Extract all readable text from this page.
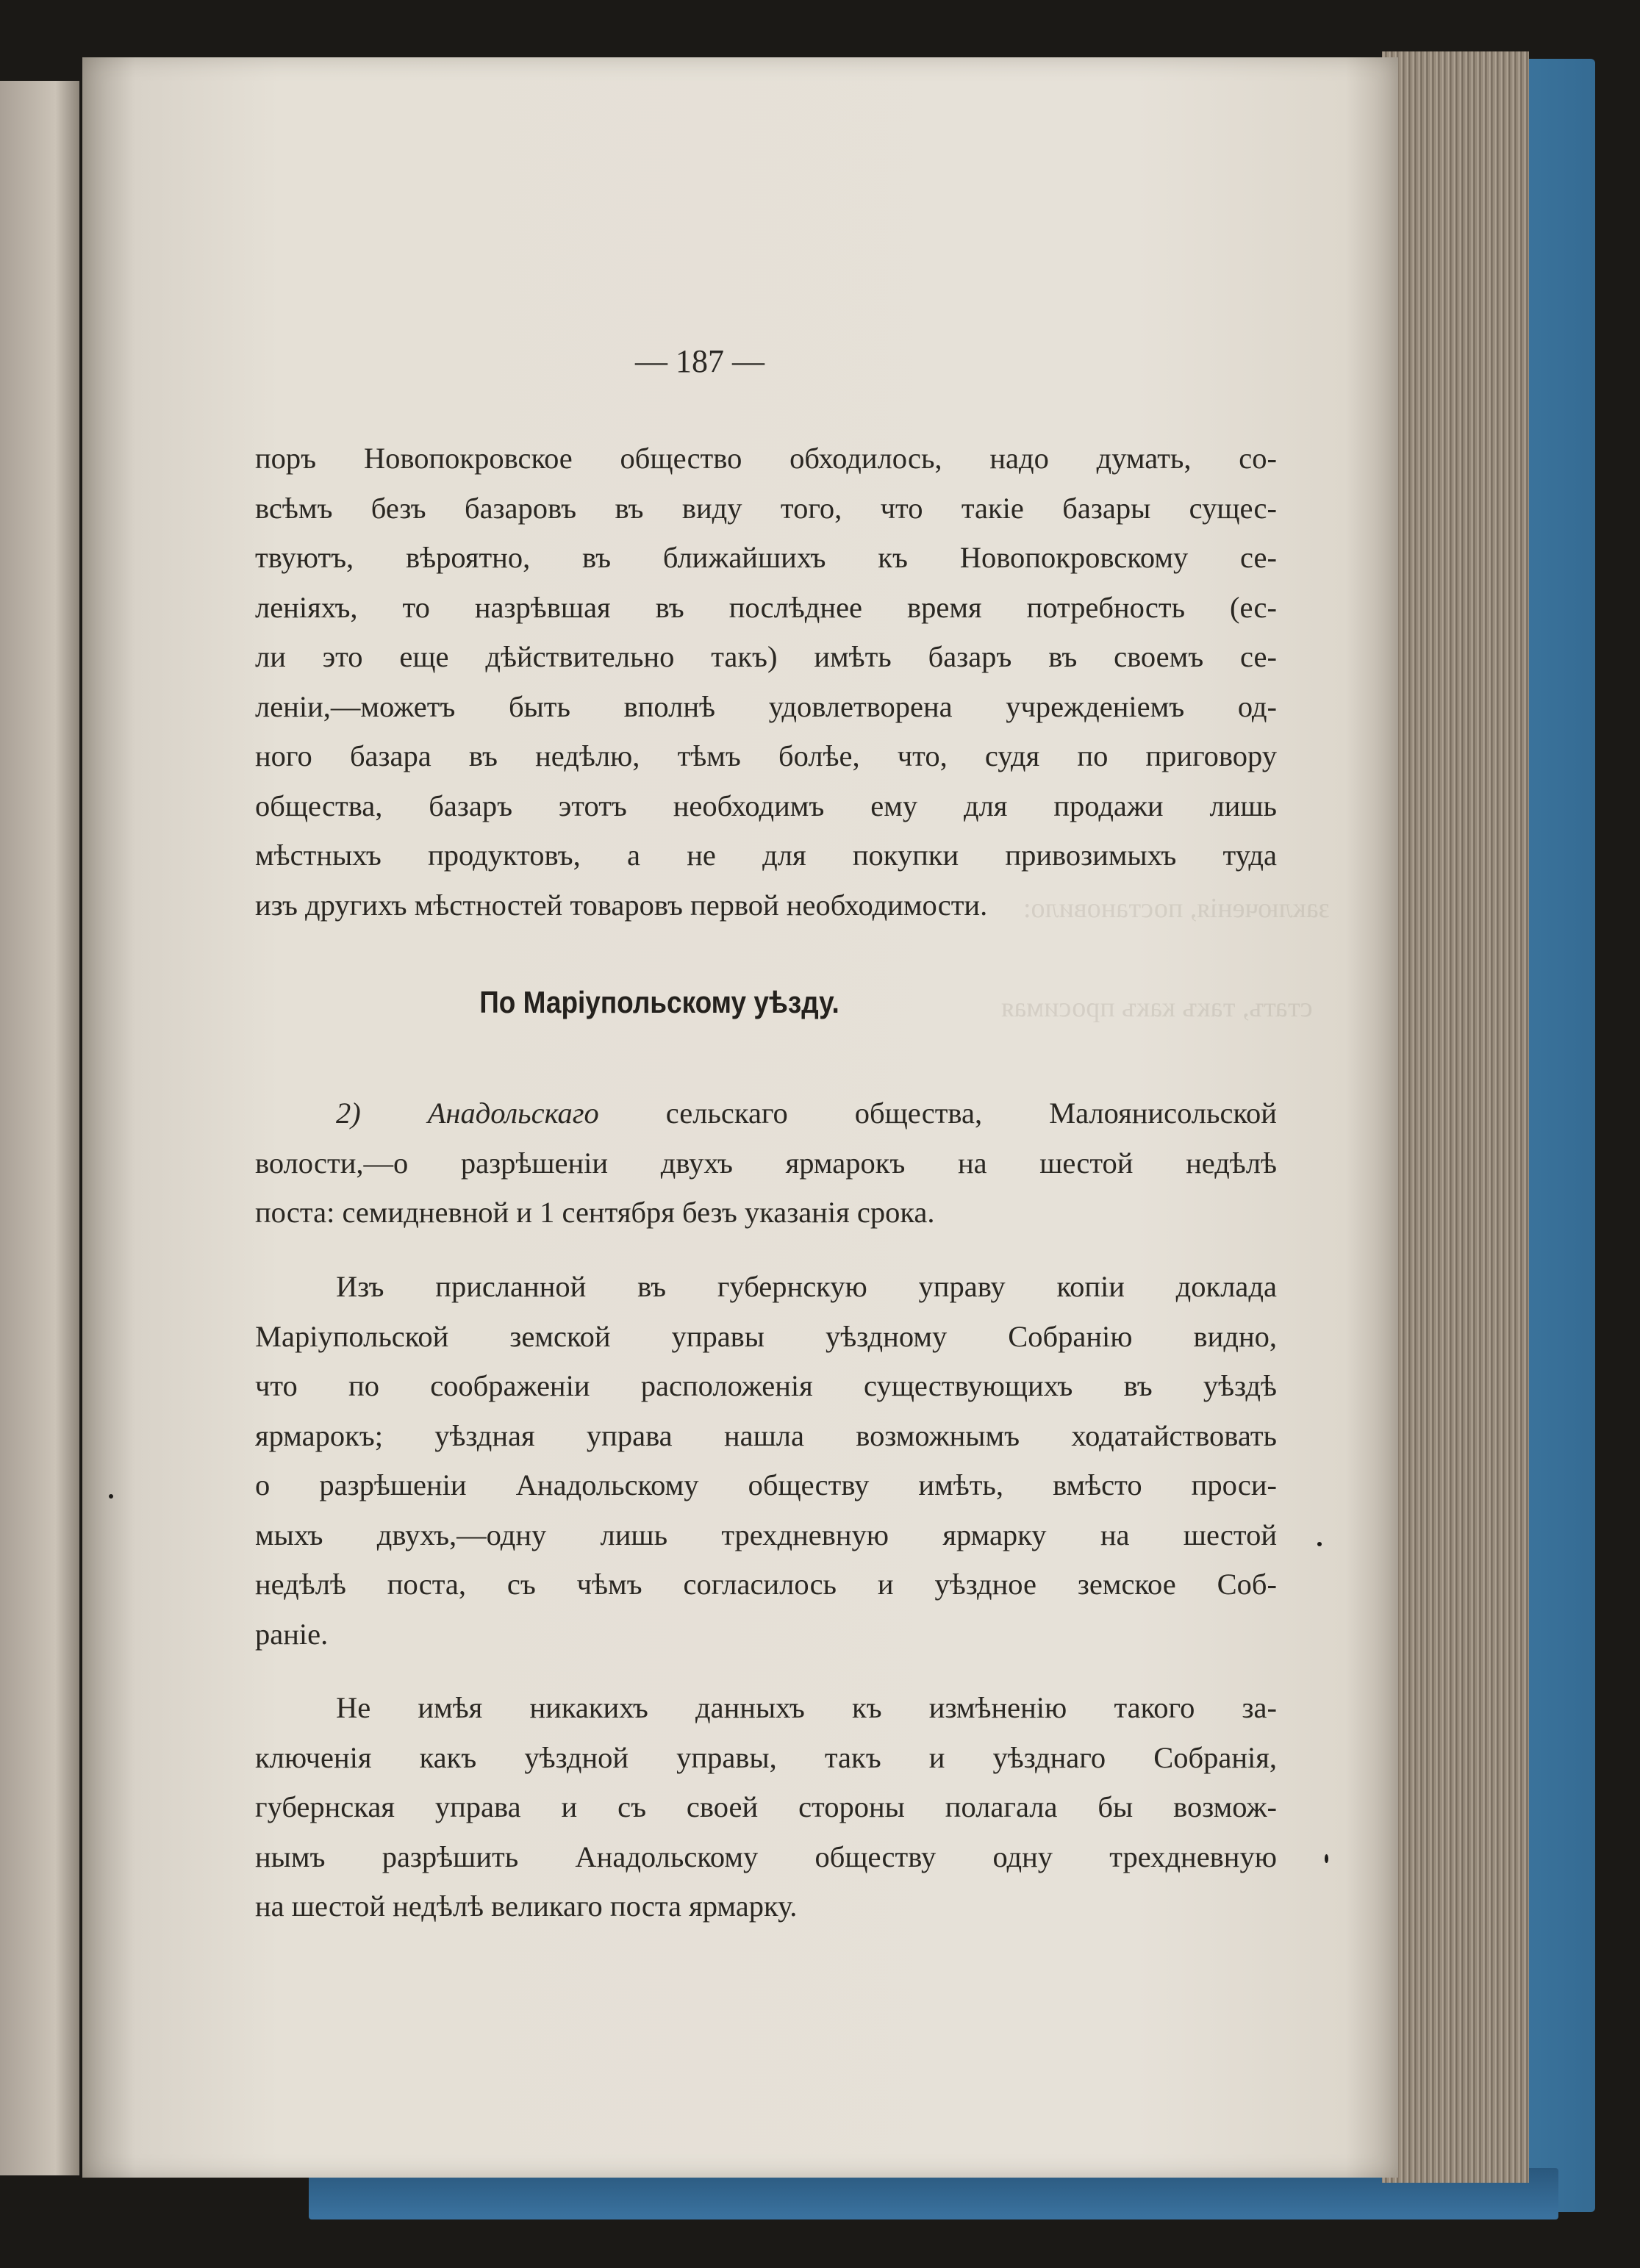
заключенія, постановило:
статъ, такъ какъ просимая
— 187 —
поръ Новопокровское общество обходилось, надо думать, со-
всѣмъ безъ базаровъ въ виду того, что такіе базары сущес-
твуютъ, вѣроятно, въ ближайшихъ къ Новопокровскому се-
леніяхъ, то назрѣвшая въ послѣднее время потребность (ес-
ли это еще дѣйствительно такъ) имѣть базаръ въ своемъ се-
леніи,—можетъ быть вполнѣ удовлетворена учрежденіемъ од-
ного базара въ недѣлю, тѣмъ болѣе, что, судя по приговору
общества, базаръ этотъ необходимъ ему для продажи лишь
мѣстныхъ продуктовъ, а не для покупки привозимыхъ туда
изъ другихъ мѣстностей товаровъ первой необходимости.
По Маріупольскому уѣзду.
2) Анадольскаго сельскаго общества, Малоянисольской
волости,—о разрѣшеніи двухъ ярмарокъ на шестой недѣлѣ
поста: семидневной и 1 сентября безъ указанія срока.
Изъ присланной въ губернскую управу копіи доклада
Маріупольской земской управы уѣздному Собранію видно,
что по соображеніи расположенія существующихъ въ уѣздѣ
ярмарокъ; уѣздная управа нашла возможнымъ ходатайствовать
о разрѣшеніи Анадольскому обществу имѣть, вмѣсто проси-
мыхъ двухъ,—одну лишь трехдневную ярмарку на шестой
недѣлѣ поста, съ чѣмъ согласилось и уѣздное земское Соб-
раніе.
Не имѣя никакихъ данныхъ къ измѣненію такого за-
ключенія какъ уѣздной управы, такъ и уѣзднаго Собранія,
губернская управа и съ своей стороны полагала бы возмож-
нымъ разрѣшить Анадольскому обществу одну трехдневную
на шестой недѣлѣ великаго поста ярмарку.
